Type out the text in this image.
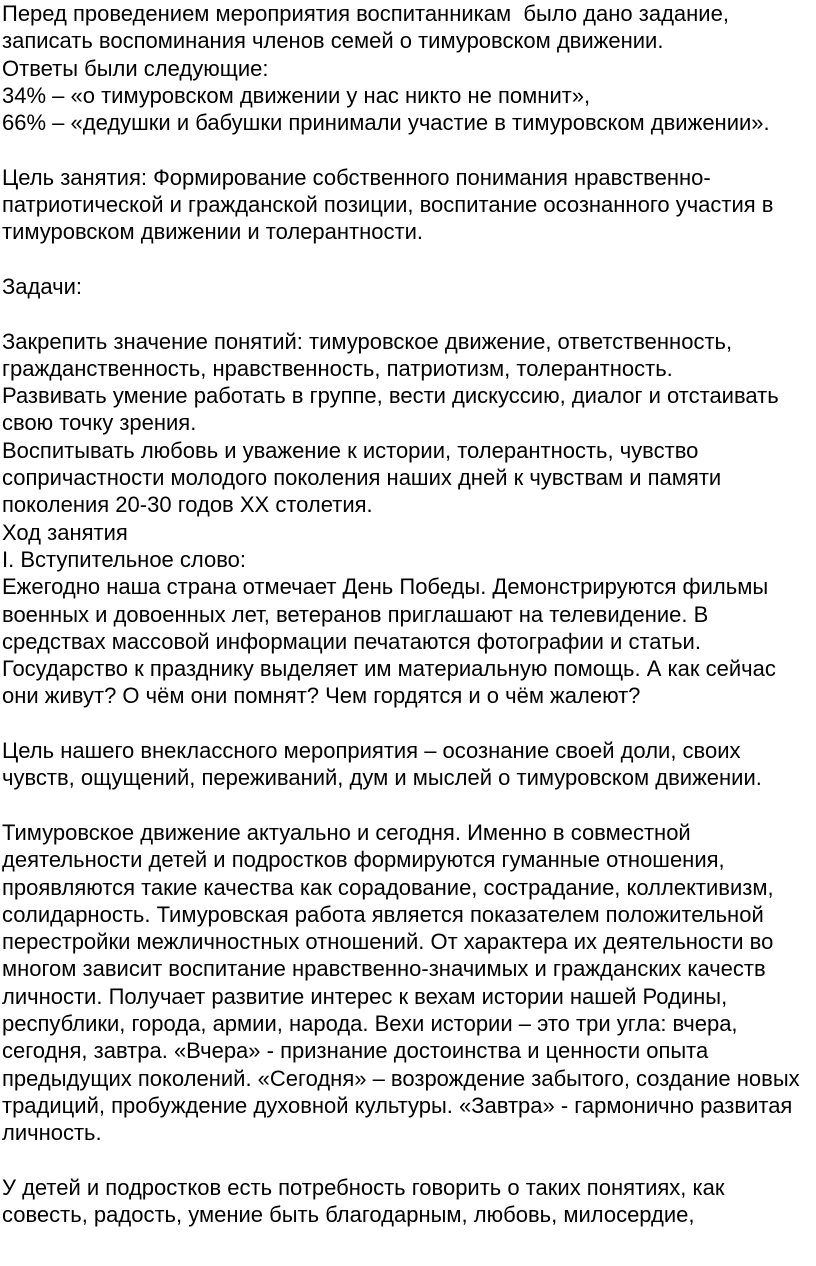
Перед проведением мероприятия воспитанникам  было дано задание,
записать воспоминания членов семей о тимуровском движении.
Ответы были следующие:
34% – «о тимуровском движении у нас никто не помнит»,
66% – «дедушки и бабушки принимали участие в тимуровском движении».
Цель занятия: Формирование собственного понимания нравственно-
патриотической и гражданской позиции, воспитание осознанного участия в
тимуровском движении и толерантности.
Задачи:
Закрепить значение понятий: тимуровское движение, ответственность,
гражданственность, нравственность, патриотизм, толерантность.
Развивать умение работать в группе, вести дискуссию, диалог и отстаивать
свою точку зрения.
Воспитывать любовь и уважение к истории, толерантность, чувство
сопричастности молодого поколения наших дней к чувствам и памяти
поколения 20-30 годов ХХ столетия.
Ход занятия
I. Вступительное слово:
Ежегодно наша страна отмечает День Победы. Демонстрируются фильмы
военных и довоенных лет, ветеранов приглашают на телевидение. В
средствах массовой информации печатаются фотографии и статьи.
Государство к празднику выделяет им материальную помощь. А как сейчас
они живут? О чём они помнят? Чем гордятся и о чём жалеют?
Цель нашего внеклассного мероприятия – осознание своей доли, своих
чувств, ощущений, переживаний, дум и мыслей о тимуровском движении.
Тимуровское движение актуально и сегодня. Именно в совместной
деятельности детей и подростков формируются гуманные отношения,
проявляются такие качества как сорадование, сострадание, коллективизм,
солидарность. Тимуровская работа является показателем положительной
перестройки межличностных отношений. От характера их деятельности во
многом зависит воспитание нравственно-значимых и гражданских качеств
личности. Получает развитие интерес к вехам истории нашей Родины,
республики, города, армии, народа. Вехи истории – это три угла: вчера,
сегодня, завтра. «Вчера» - признание достоинства и ценности опыта
предыдущих поколений. «Сегодня» – возрождение забытого, создание новых
традиций, пробуждение духовной культуры. «Завтра» - гармонично развитая
личность.
У детей и подростков есть потребность говорить о таких понятиях, как
совесть, радость, умение быть благодарным, любовь, милосердие,
